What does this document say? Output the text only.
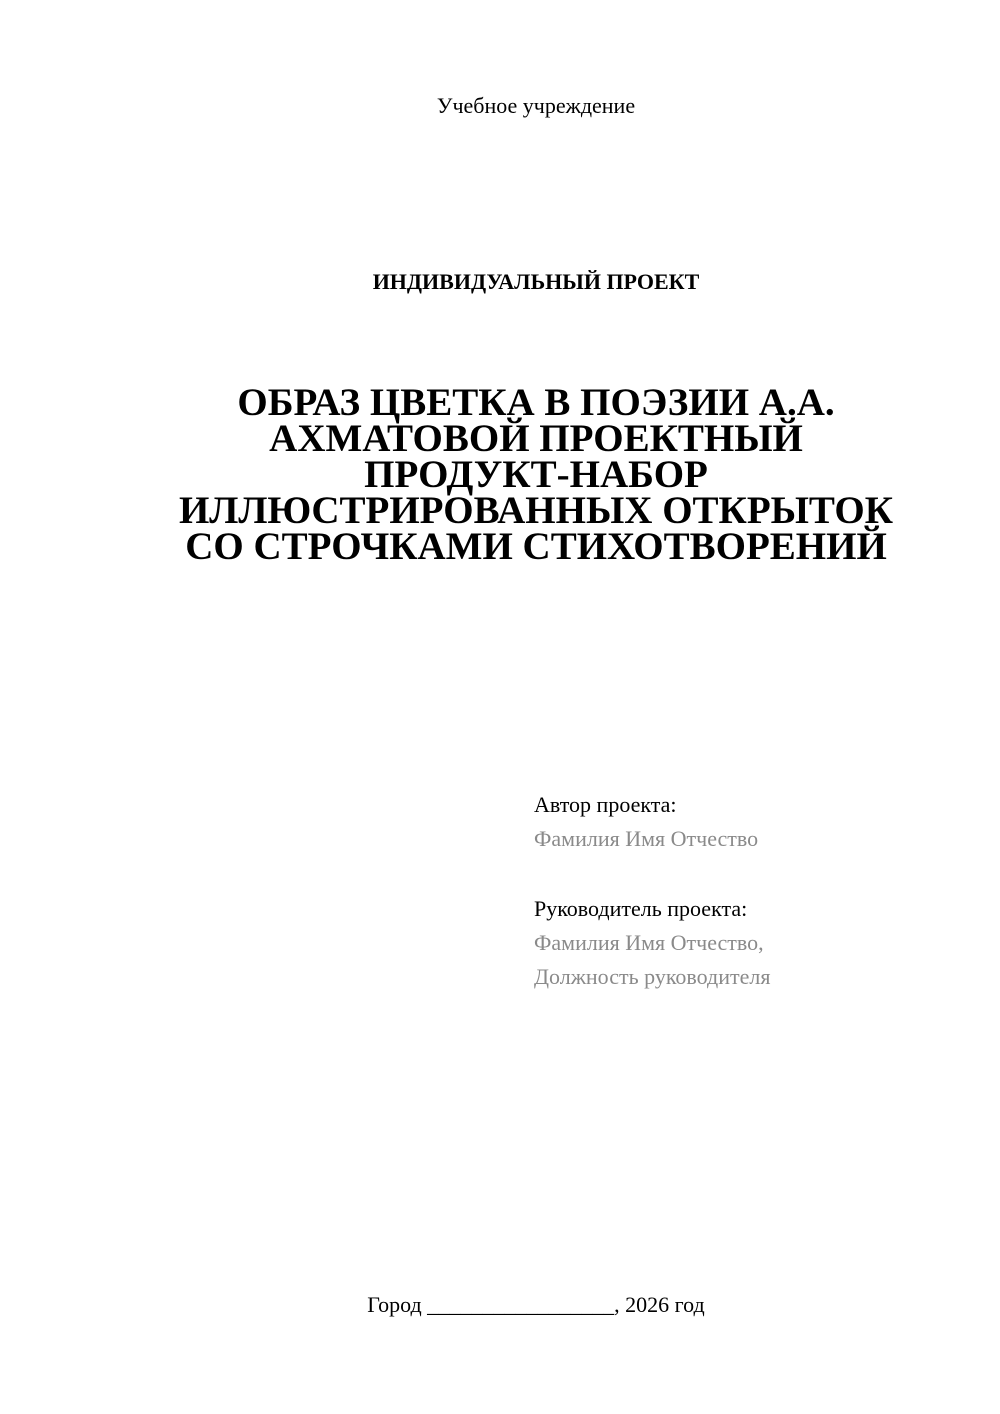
Учебное учреждение
ИНДИВИДУАЛЬНЫЙ ПРОЕКТ
ОБРАЗ ЦВЕТКА В ПОЭЗИИ А.А.
АХМАТОВОЙ ПРОЕКТНЫЙ
ПРОДУКТ-НАБОР
ИЛЛЮСТРИРОВАННЫХ ОТКРЫТОК
СО СТРОЧКАМИ СТИХОТВОРЕНИЙ
Автор проекта:
Фамилия Имя Отчество
Руководитель проекта:
Фамилия Имя Отчество,
Должность руководителя
Город _________________, 2026 год
